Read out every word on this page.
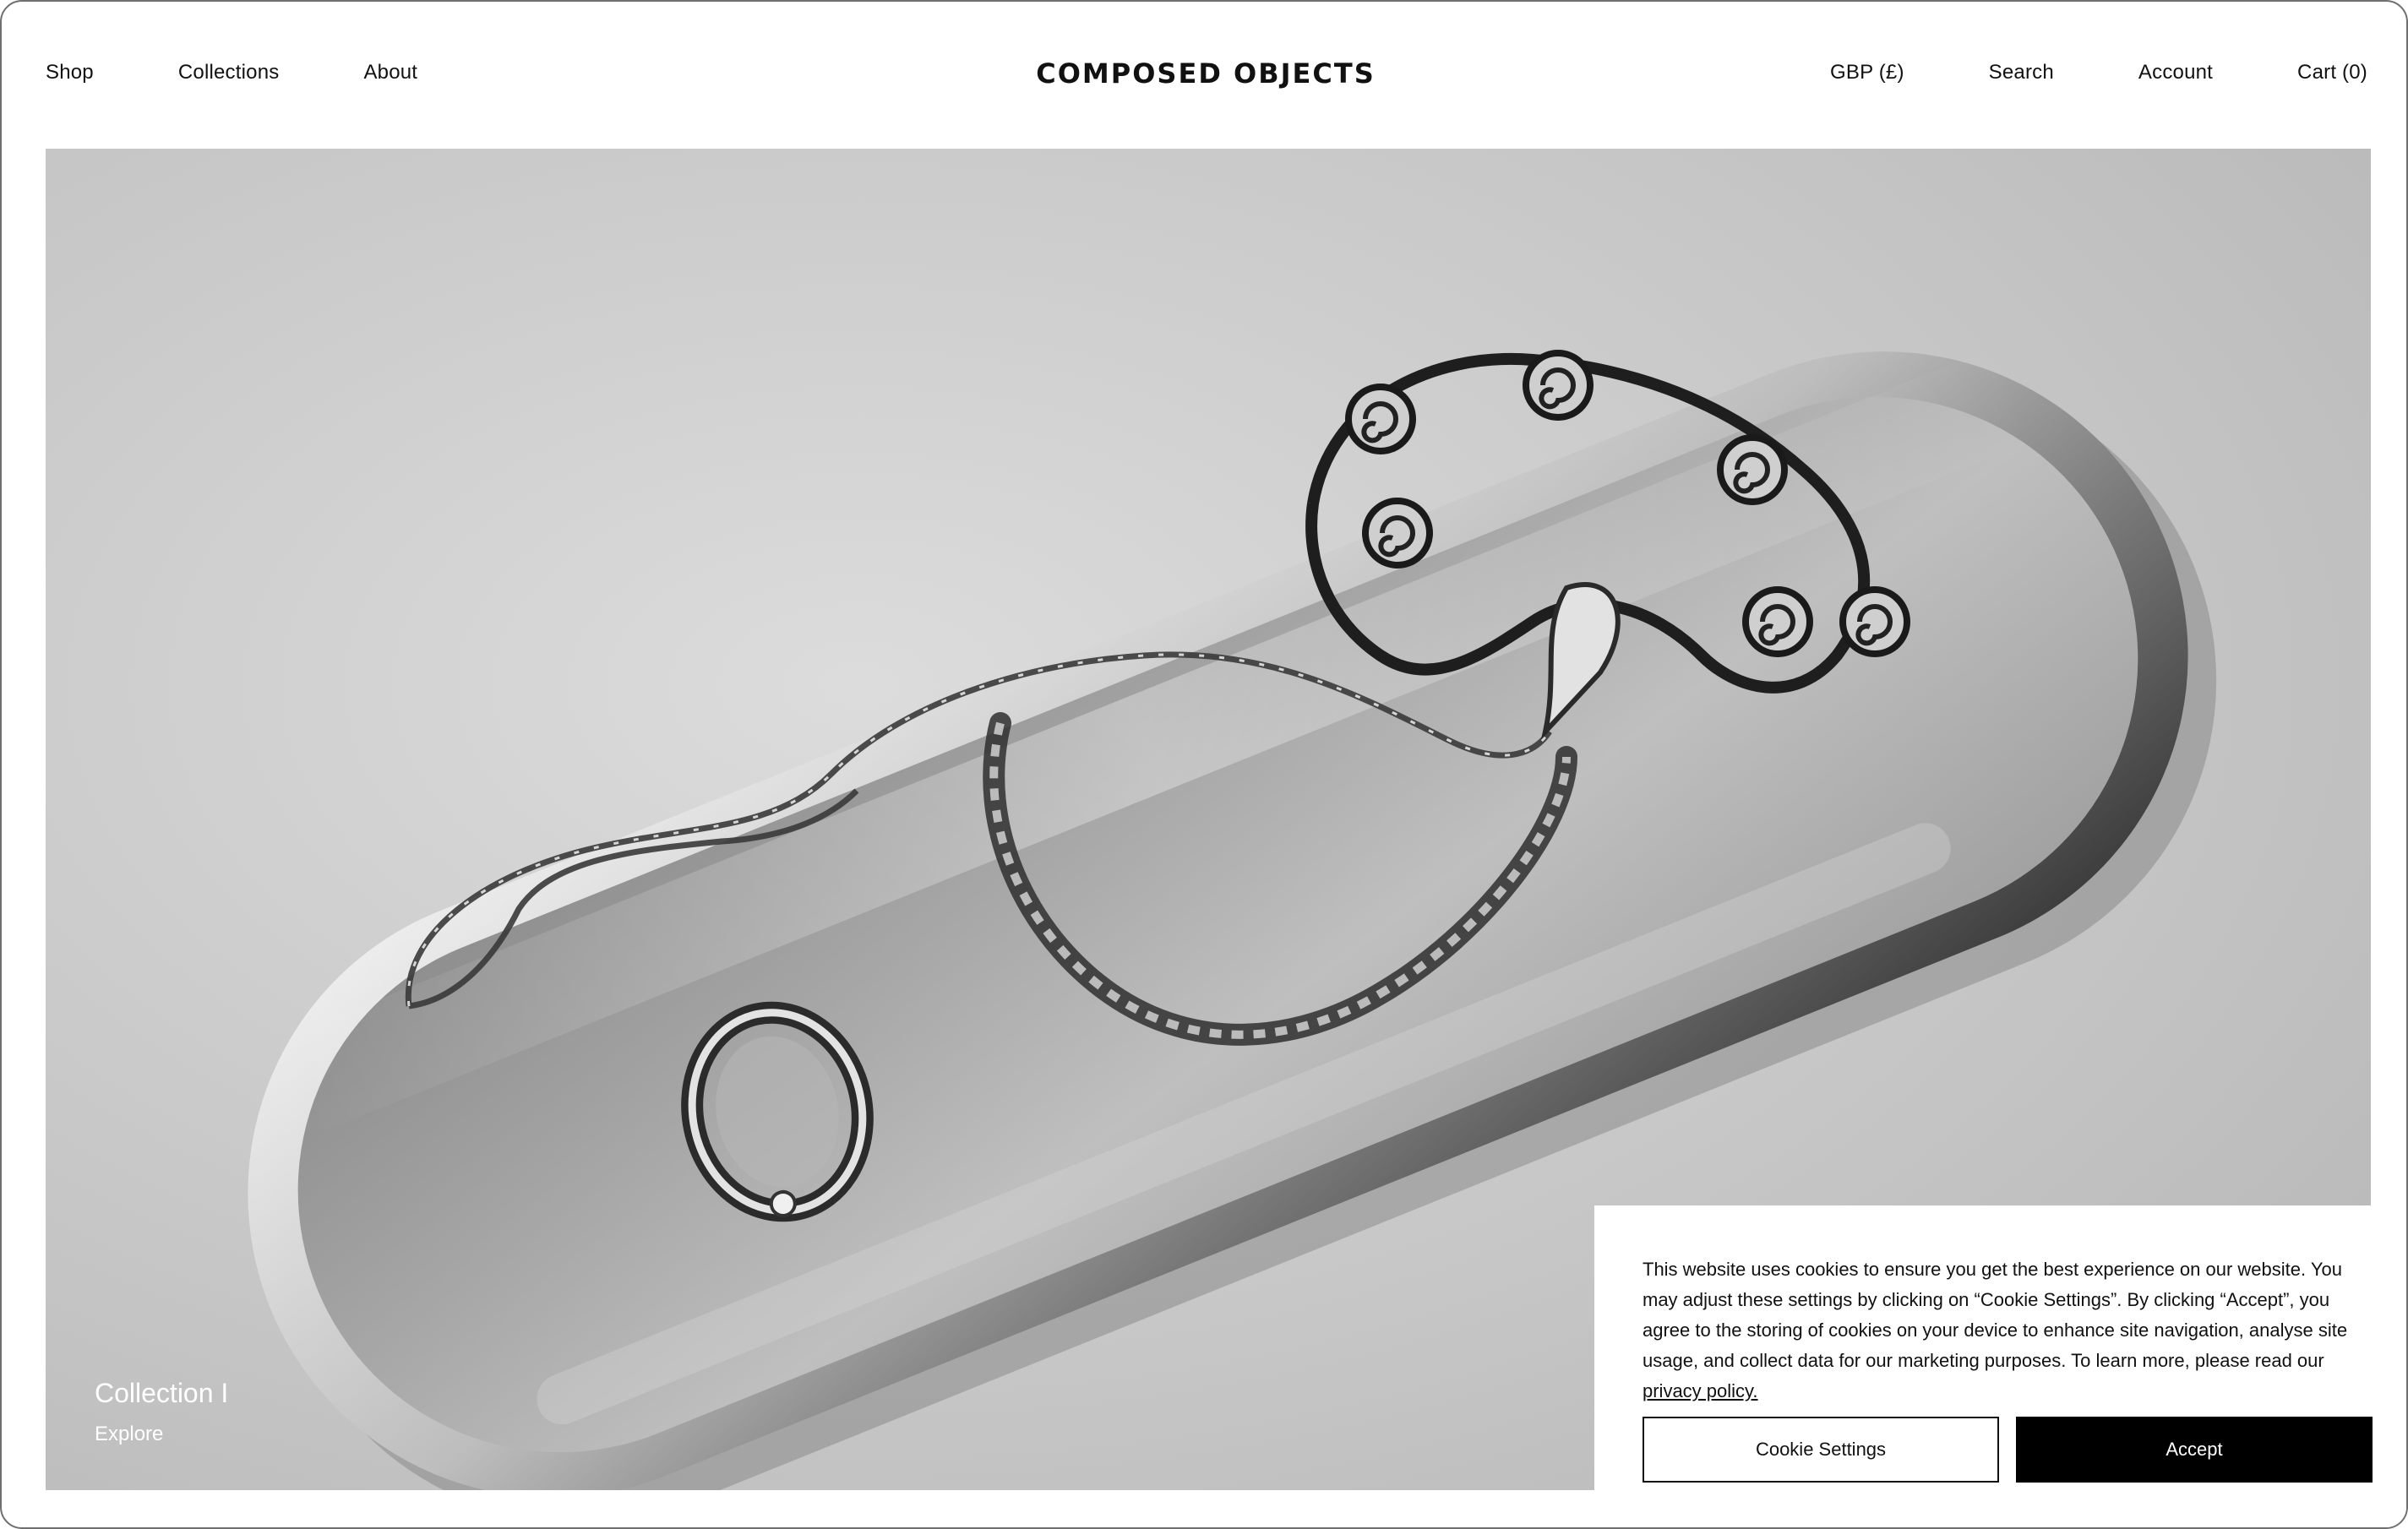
Shop	Collections	About	COMPOSED OBJECTS	GBP (£)	Search	Account	Cart (0)
Collection I
Explore

This website uses cookies to ensure you get the best experience on our website. You may adjust these settings by clicking on “Cookie Settings”. By clicking “Accept”, you agree to the storing of cookies on your device to enhance site navigation, analyse site usage, and collect data for our marketing purposes. To learn more, please read our privacy policy.

Cookie Settings	Accept
